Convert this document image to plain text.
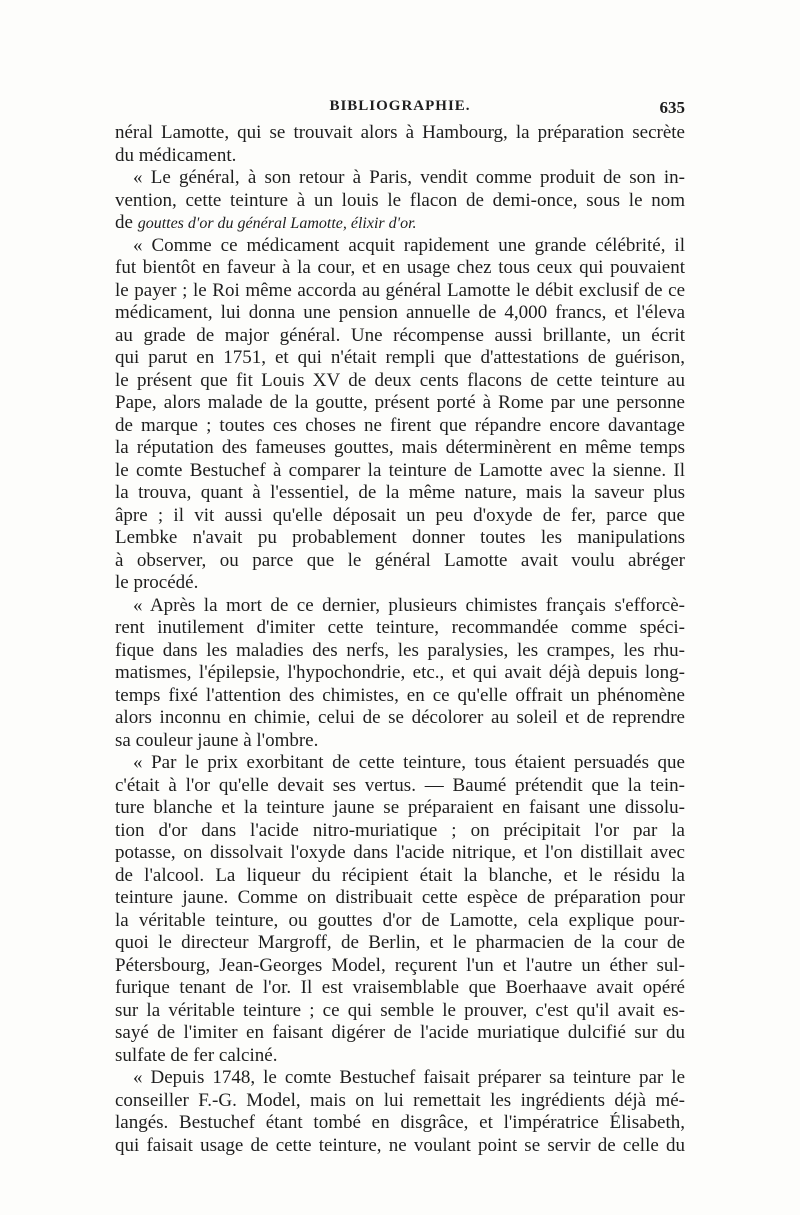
BIBLIOGRAPHIE.	635
néral Lamotte, qui se trouvait alors à Hambourg, la préparation secrète
du médicament.
« Le général, à son retour à Paris, vendit comme produit de son in-
vention, cette teinture à un louis le flacon de demi-once, sous le nom
de gouttes d'or du général Lamotte, élixir d'or.
« Comme ce médicament acquit rapidement une grande célébrité, il
fut bientôt en faveur à la cour, et en usage chez tous ceux qui pouvaient
le payer ; le Roi même accorda au général Lamotte le débit exclusif de ce
médicament, lui donna une pension annuelle de 4,000 francs, et l'éleva
au grade de major général. Une récompense aussi brillante, un écrit
qui parut en 1751, et qui n'était rempli que d'attestations de guérison,
le présent que fit Louis XV de deux cents flacons de cette teinture au
Pape, alors malade de la goutte, présent porté à Rome par une personne
de marque ; toutes ces choses ne firent que répandre encore davantage
la réputation des fameuses gouttes, mais déterminèrent en même temps
le comte Bestuchef à comparer la teinture de Lamotte avec la sienne. Il
la trouva, quant à l'essentiel, de la même nature, mais la saveur plus
âpre ; il vit aussi qu'elle déposait un peu d'oxyde de fer, parce que
Lembke n'avait pu probablement donner toutes les manipulations
à observer, ou parce que le général Lamotte avait voulu abréger
le procédé.
« Après la mort de ce dernier, plusieurs chimistes français s'efforcè-
rent inutilement d'imiter cette teinture, recommandée comme spéci-
fique dans les maladies des nerfs, les paralysies, les crampes, les rhu-
matismes, l'épilepsie, l'hypochondrie, etc., et qui avait déjà depuis long-
temps fixé l'attention des chimistes, en ce qu'elle offrait un phénomène
alors inconnu en chimie, celui de se décolorer au soleil et de reprendre
sa couleur jaune à l'ombre.
« Par le prix exorbitant de cette teinture, tous étaient persuadés que
c'était à l'or qu'elle devait ses vertus. — Baumé prétendit que la tein-
ture blanche et la teinture jaune se préparaient en faisant une dissolu-
tion d'or dans l'acide nitro-muriatique ; on précipitait l'or par la
potasse, on dissolvait l'oxyde dans l'acide nitrique, et l'on distillait avec
de l'alcool. La liqueur du récipient était la blanche, et le résidu la
teinture jaune. Comme on distribuait cette espèce de préparation pour
la véritable teinture, ou gouttes d'or de Lamotte, cela explique pour-
quoi le directeur Margroff, de Berlin, et le pharmacien de la cour de
Pétersbourg, Jean-Georges Model, reçurent l'un et l'autre un éther sul-
furique tenant de l'or. Il est vraisemblable que Boerhaave avait opéré
sur la véritable teinture ; ce qui semble le prouver, c'est qu'il avait es-
sayé de l'imiter en faisant digérer de l'acide muriatique dulcifié sur du
sulfate de fer calciné.
« Depuis 1748, le comte Bestuchef faisait préparer sa teinture par le
conseiller F.-G. Model, mais on lui remettait les ingrédients déjà mé-
langés. Bestuchef étant tombé en disgrâce, et l'impératrice Élisabeth,
qui faisait usage de cette teinture, ne voulant point se servir de celle du
